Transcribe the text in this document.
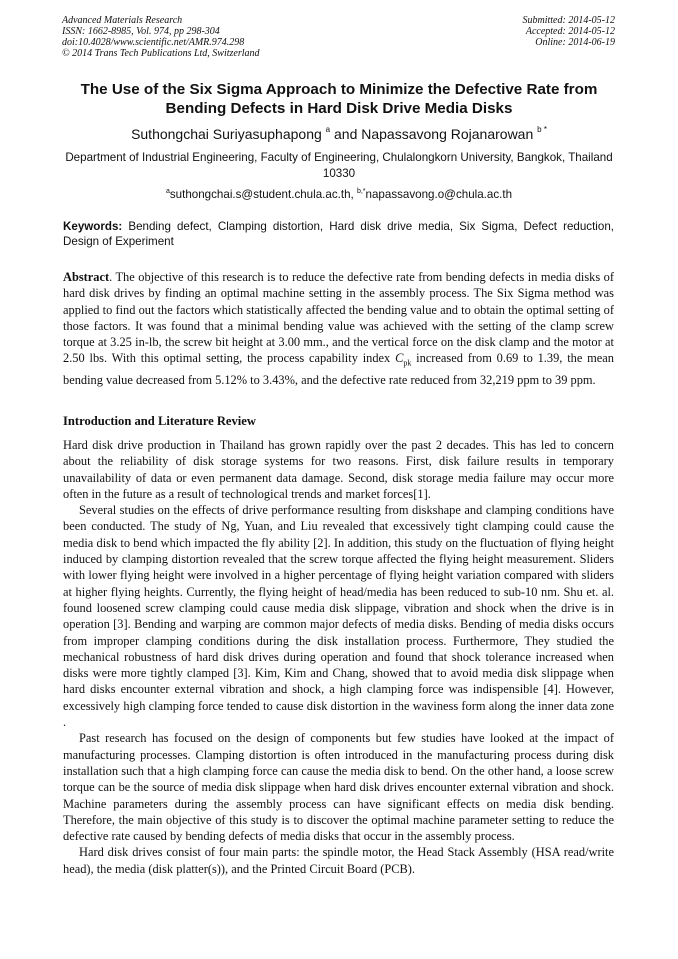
Advanced Materials Research
ISSN: 1662-8985, Vol. 974, pp 298-304
doi:10.4028/www.scientific.net/AMR.974.298
© 2014 Trans Tech Publications Ltd, Switzerland
Submitted: 2014-05-12
Accepted: 2014-05-12
Online: 2014-06-19
The Use of the Six Sigma Approach to Minimize the Defective Rate from Bending Defects in Hard Disk Drive Media Disks
Suthongchai Suriyasuphapong $^a$ and Napassavong Rojanarowan $^{b *}$
Department of Industrial Engineering, Faculty of Engineering, Chulalongkorn University, Bangkok, Thailand 10330
$^a$suthongchai.s@student.chula.ac.th, $^{b,*}$napassavong.o@chula.ac.th
Keywords: Bending defect, Clamping distortion, Hard disk drive media, Six Sigma, Defect reduction, Design of Experiment
Abstract. The objective of this research is to reduce the defective rate from bending defects in media disks of hard disk drives by finding an optimal machine setting in the assembly process. The Six Sigma method was applied to find out the factors which statistically affected the bending value and to obtain the optimal setting of those factors. It was found that a minimal bending value was achieved with the setting of the clamp screw torque at 3.25 in-lb, the screw bit height at 3.00 mm., and the vertical force on the disk clamp and the motor at 2.50 lbs. With this optimal setting, the process capability index $C_{pk}$ increased from 0.69 to 1.39, the mean bending value decreased from 5.12% to 3.43%, and the defective rate reduced from 32,219 ppm to 39 ppm.
Introduction and Literature Review

Hard disk drive production in Thailand has grown rapidly over the past 2 decades. This has led to concern about the reliability of disk storage systems for two reasons. First, disk failure results in temporary unavailability of data or even permanent data damage. Second, disk storage media failure may occur more often in the future as a result of technological trends and market forces[1].

Several studies on the effects of drive performance resulting from diskshape and clamping conditions have been conducted. The study of Ng, Yuan, and Liu revealed that excessively tight clamping could cause the media disk to bend which impacted the fly ability [2]. In addition, this study on the fluctuation of flying height induced by clamping distortion revealed that the screw torque affected the flying height measurement. Sliders with lower flying height were involved in a higher percentage of flying height variation compared with sliders at higher flying heights. Currently, the flying height of head/media has been reduced to sub-10 nm. Shu et. al. found loosened screw clamping could cause media disk slippage, vibration and shock when the drive is in operation [3]. Bending and warping are common major defects of media disks. Bending of media disks occurs from improper clamping conditions during the disk installation process. Furthermore, They studied the mechanical robustness of hard disk drives during operation and found that shock tolerance increased when disks were more tightly clamped [3]. Kim, Kim and Chang, showed that to avoid media disk slippage when hard disks encounter external vibration and shock, a high clamping force was indispensible [4]. However, excessively high clamping force tended to cause disk distortion in the waviness form along the inner data zone .

Past research has focused on the design of components but few studies have looked at the impact of manufacturing processes. Clamping distortion is often introduced in the manufacturing process during disk installation such that a high clamping force can cause the media disk to bend. On the other hand, a loose screw torque can be the source of media disk slippage when hard disk drives encounter external vibration and shock. Machine parameters during the assembly process can have significant effects on media disk bending. Therefore, the main objective of this study is to discover the optimal machine parameter setting to reduce the defective rate caused by bending defects of media disks that occur in the assembly process.

Hard disk drives consist of four main parts: the spindle motor, the Head Stack Assembly (HSA read/write head), the media (disk platter(s)), and the Printed Circuit Board (PCB).
